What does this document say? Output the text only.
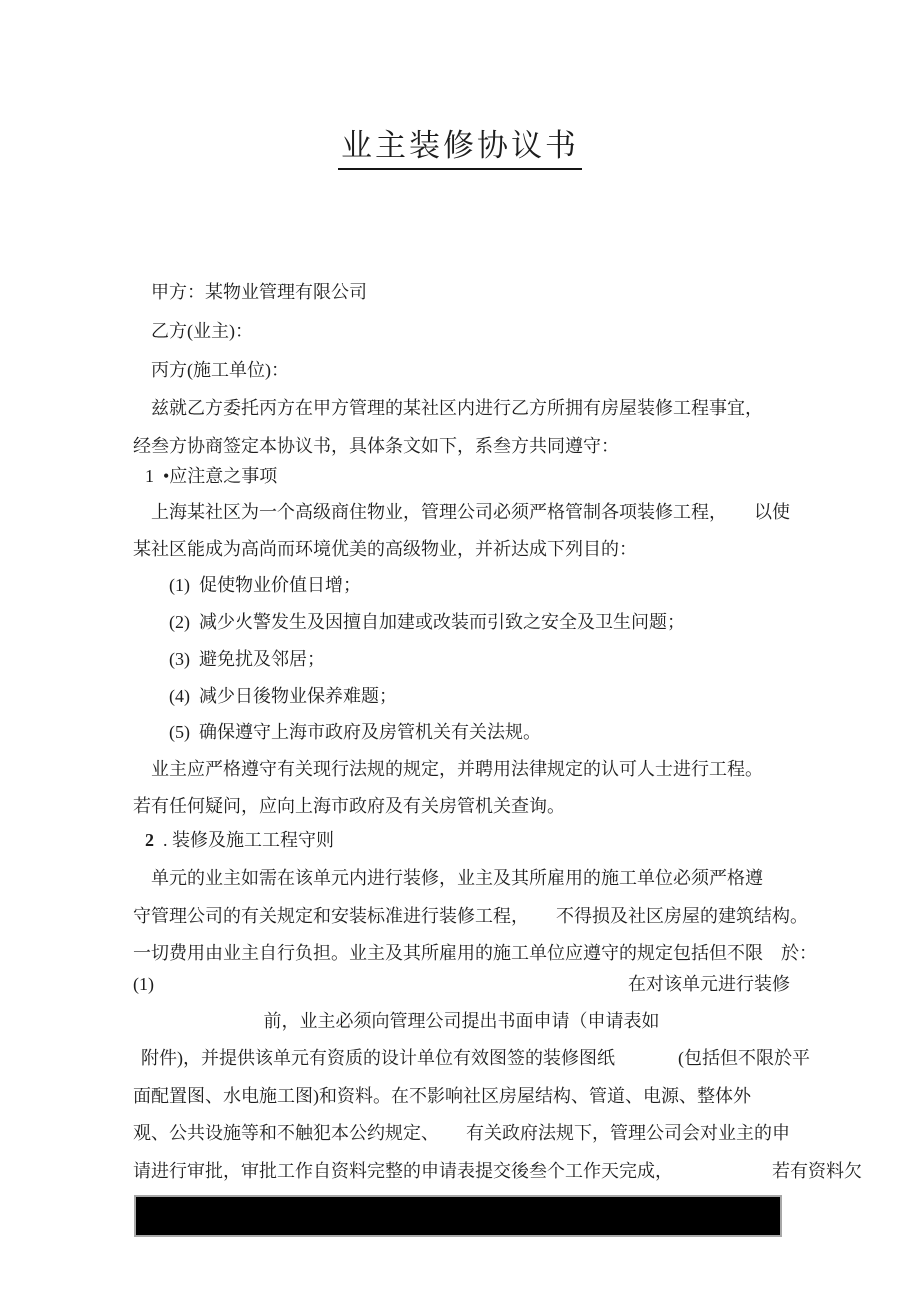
业主装修协议书
甲方：某物业管理有限公司
乙方(业主)：
丙方(施工单位)：
兹就乙方委托丙方在甲方管理的某社区内进行乙方所拥有房屋装修工程事宜，
经叁方协商签定本协议书，具体条文如下，系叁方共同遵守：
1  •应注意之事项
上海某社区为一个高级商住物业，管理公司必须严格管制各项装修工程，　　以使
某社区能成为高尚而环境优美的高级物业，并祈达成下列目的：
(1)  促使物业价值日增；
(2)  减少火警发生及因擅自加建或改装而引致之安全及卫生问题；
(3)  避免扰及邻居；
(4)  减少日後物业保养难题；
(5)  确保遵守上海市政府及房管机关有关法规。
业主应严格遵守有关现行法规的规定，并聘用法律规定的认可人士进行工程。
若有任何疑问，应向上海市政府及有关房管机关查询。
2  . 装修及施工工程守则
单元的业主如需在该单元内进行装修，业主及其所雇用的施工单位必须严格遵
守管理公司的有关规定和安装标准进行装修工程，　　不得损及社区房屋的建筑结构。
一切费用由业主自行负担。业主及其所雇用的施工单位应遵守的规定包括但不限　於：
(1)	在对该单元进行装修
前，业主必须向管理公司提出书面申请（申请表如
附件)，并提供该单元有资质的设计单位有效图签的装修图纸　　　  (包括但不限於平
面配置图、水电施工图)和资料。在不影响社区房屋结构、管道、电源、整体外
观、公共设施等和不触犯本公约规定、　　有关政府法规下，管理公司会对业主的申
请进行审批，审批工作自资料完整的申请表提交後叁个工作天完成，　　　　　　若有资料欠
